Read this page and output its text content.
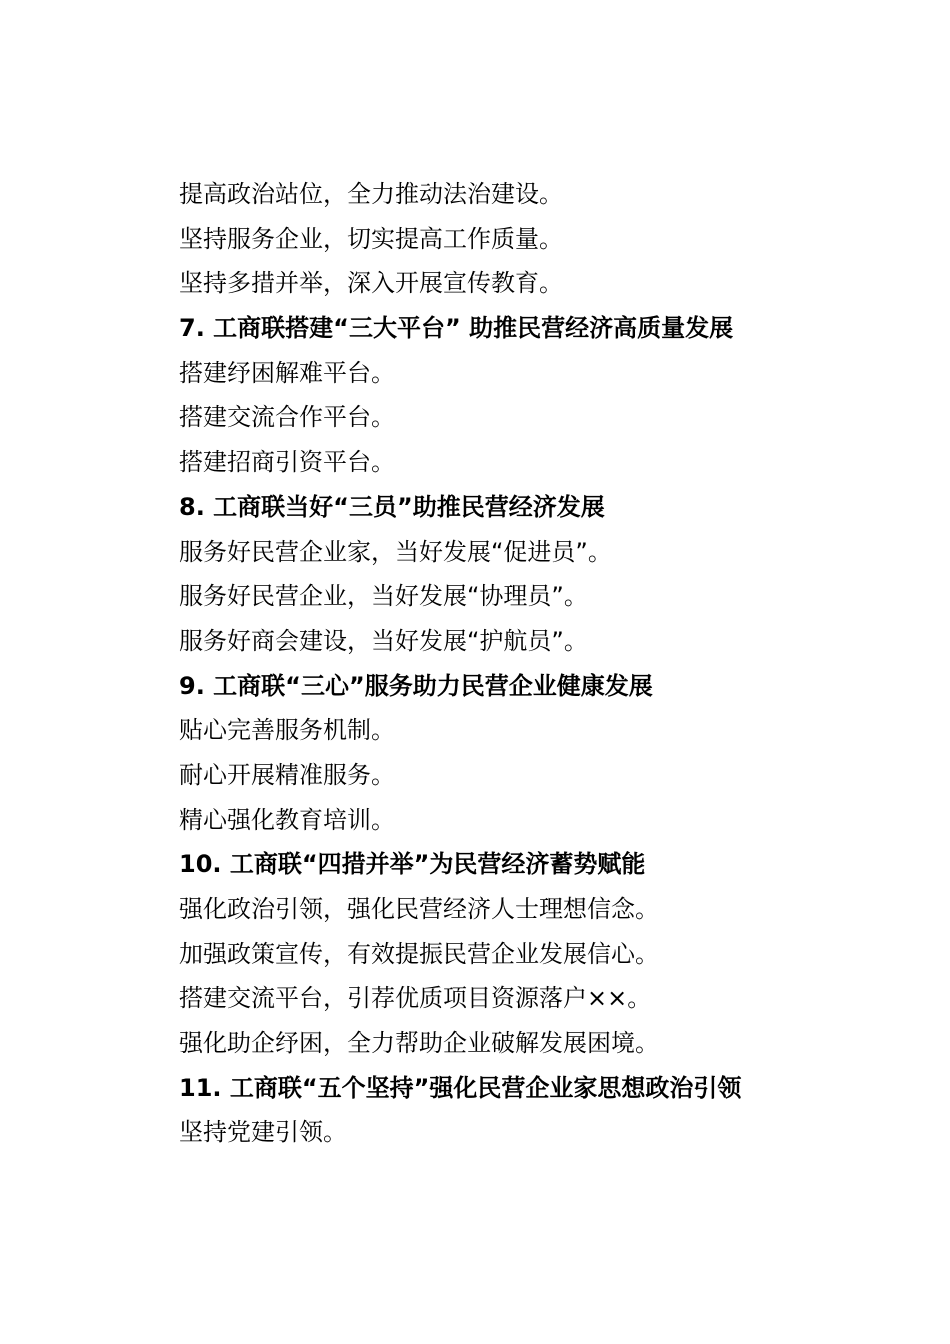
提高政治站位，全力推动法治建设。
坚持服务企业，切实提高工作质量。
坚持多措并举，深入开展宣传教育。
7. 工商联搭建“三大平台” 助推民营经济高质量发展
搭建纾困解难平台。
搭建交流合作平台。
搭建招商引资平台。
8. 工商联当好“三员”助推民营经济发展
服务好民营企业家，当好发展“促进员”。
服务好民营企业，当好发展“协理员”。
服务好商会建设，当好发展“护航员”。
9. 工商联“三心”服务助力民营企业健康发展
贴心完善服务机制。
耐心开展精准服务。
精心强化教育培训。
10. 工商联“四措并举”为民营经济蓄势赋能
强化政治引领，强化民营经济人士理想信念。
加强政策宣传，有效提振民营企业发展信心。
搭建交流平台，引荐优质项目资源落户××。
强化助企纾困，全力帮助企业破解发展困境。
11. 工商联“五个坚持”强化民营企业家思想政治引领
坚持党建引领。
